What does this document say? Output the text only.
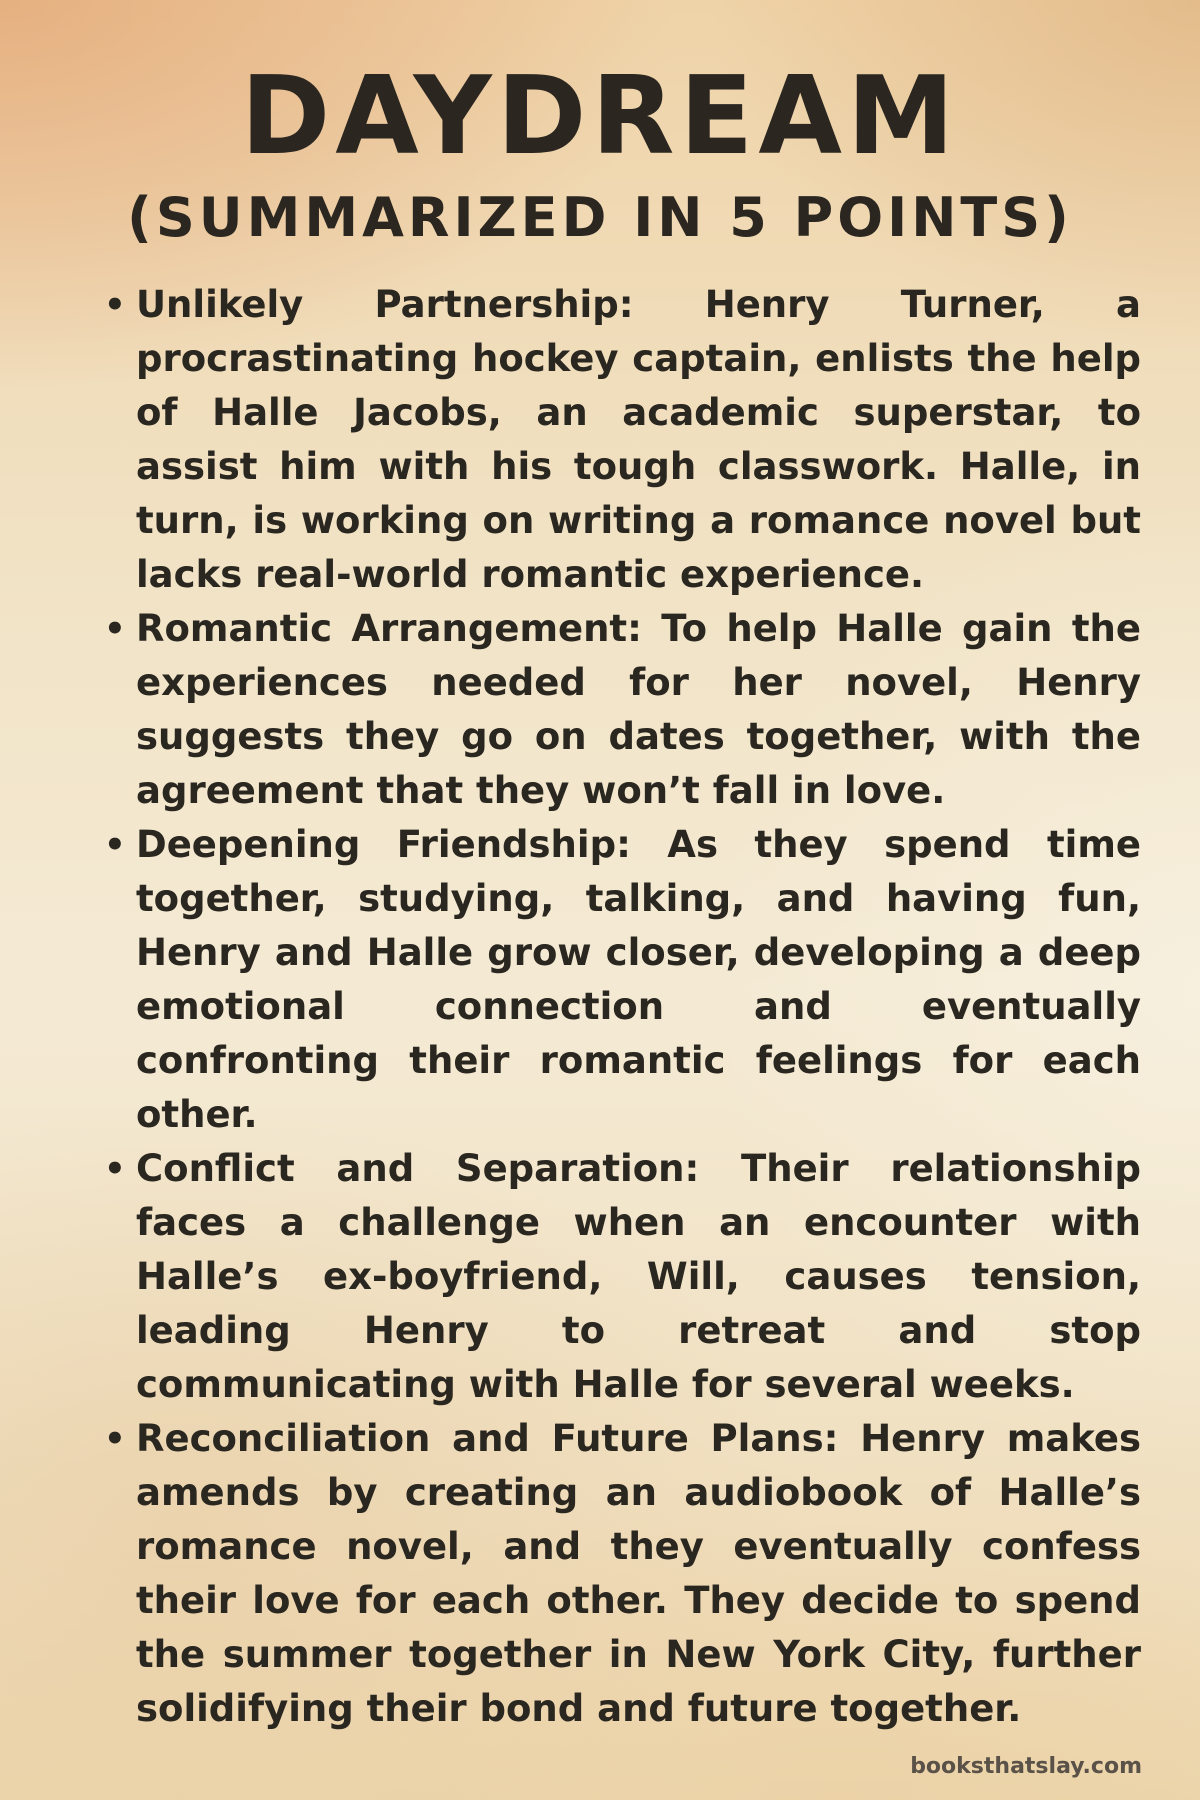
DAYDREAM
(SUMMARIZED IN 5 POINTS)
• Unlikely Partnership: Henry Turner, a procrastinating hockey captain, enlists the help of Halle Jacobs, an academic superstar, to assist him with his tough classwork. Halle, in turn, is working on writing a romance novel but lacks real-world romantic experience.
• Romantic Arrangement: To help Halle gain the experiences needed for her novel, Henry suggests they go on dates together, with the agreement that they won’t fall in love.
• Deepening Friendship: As they spend time together, studying, talking, and having fun, Henry and Halle grow closer, developing a deep emotional connection and eventually confronting their romantic feelings for each other.
• Conflict and Separation: Their relationship faces a challenge when an encounter with Halle’s ex-boyfriend, Will, causes tension, leading Henry to retreat and stop communicating with Halle for several weeks.
• Reconciliation and Future Plans: Henry makes amends by creating an audiobook of Halle’s romance novel, and they eventually confess their love for each other. They decide to spend the summer together in New York City, further solidifying their bond and future together.
booksthatslay.com
